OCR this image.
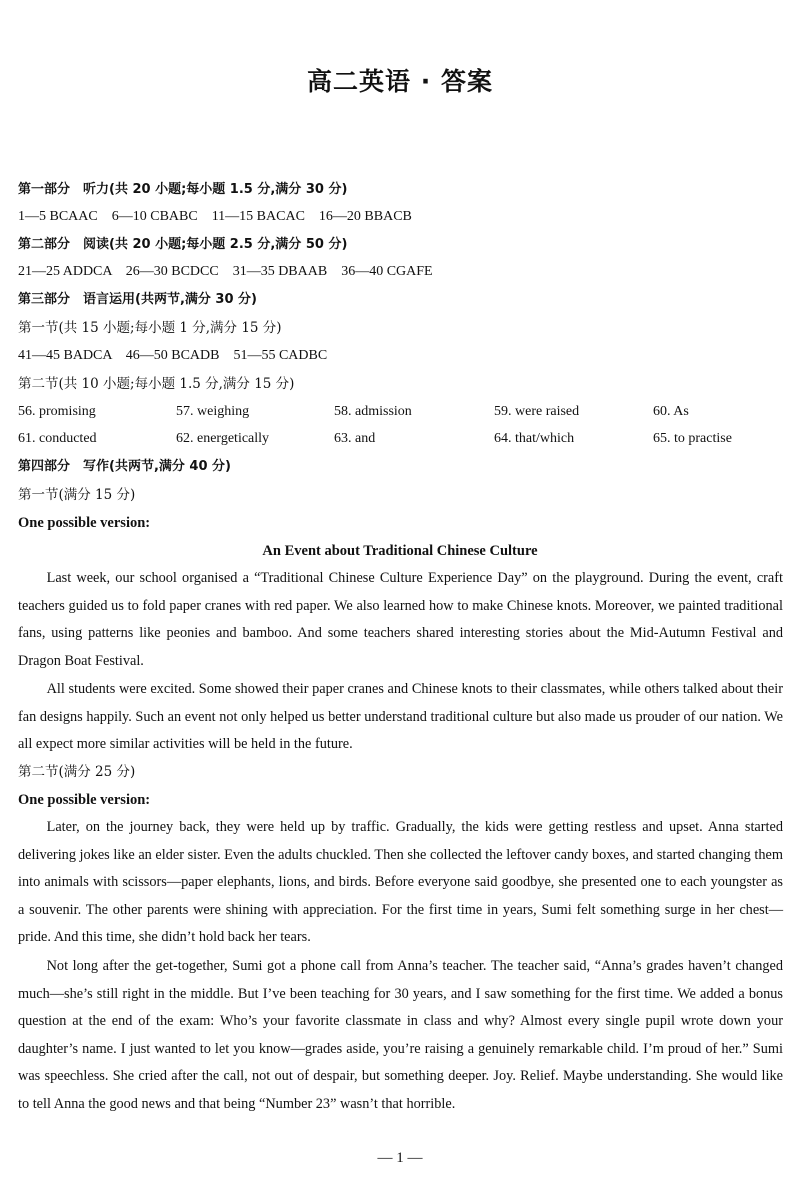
高二英语 · 答案
第一部分　听力(共 20 小题;每小题 1.5 分,满分 30 分)
1—5 BCAAC　6—10 CBABC　11—15 BACAC　16—20 BBACB
第二部分　阅读(共 20 小题;每小题 2.5 分,满分 50 分)
21—25 ADDCA　26—30 BCDCC　31—35 DBAAB　36—40 CGAFE
第三部分　语言运用(共两节,满分 30 分)
第一节(共 15 小题;每小题 1 分,满分 15 分)
41—45 BADCA　46—50 BCADB　51—55 CADBC
第二节(共 10 小题;每小题 1.5 分,满分 15 分)
56. promising	57. weighing	58. admission	59. were raised	60. As
61. conducted	62. energetically	63. and	64. that/which	65. to practise
第四部分　写作(共两节,满分 40 分)
第一节(满分 15 分)
One possible version:
An Event about Traditional Chinese Culture

Last week, our school organised a “Traditional Chinese Culture Experience Day” on the playground. During the event, craft teachers guided us to fold paper cranes with red paper. We also learned how to make Chinese knots. Moreover, we painted traditional fans, using patterns like peonies and bamboo. And some teachers shared interesting stories about the Mid-Autumn Festival and Dragon Boat Festival.

All students were excited. Some showed their paper cranes and Chinese knots to their classmates, while others talked about their fan designs happily. Such an event not only helped us better understand traditional culture but also made us prouder of our nation. We all expect more similar activities will be held in the future.

第二节(满分 25 分)
One possible version:

Later, on the journey back, they were held up by traffic. Gradually, the kids were getting restless and upset. Anna started delivering jokes like an elder sister. Even the adults chuckled. Then she collected the leftover candy boxes, and started changing them into animals with scissors—paper elephants, lions, and birds. Before everyone said goodbye, she presented one to each youngster as a souvenir. The other parents were shining with appreciation. For the first time in years, Sumi felt something surge in her chest—pride. And this time, she didn’t hold back her tears.

Not long after the get-together, Sumi got a phone call from Anna’s teacher. The teacher said, “Anna’s grades haven’t changed much—she’s still right in the middle. But I’ve been teaching for 30 years, and I saw something for the first time. We added a bonus question at the end of the exam: Who’s your favorite classmate in class and why? Almost every single pupil wrote down your daughter’s name. I just wanted to let you know—grades aside, you’re raising a genuinely remarkable child. I’m proud of her.” Sumi was speechless. She cried after the call, not out of despair, but something deeper. Joy. Relief. Maybe understanding. She would like to tell Anna the good news and that being “Number 23” wasn’t that horrible.

— 1 —
